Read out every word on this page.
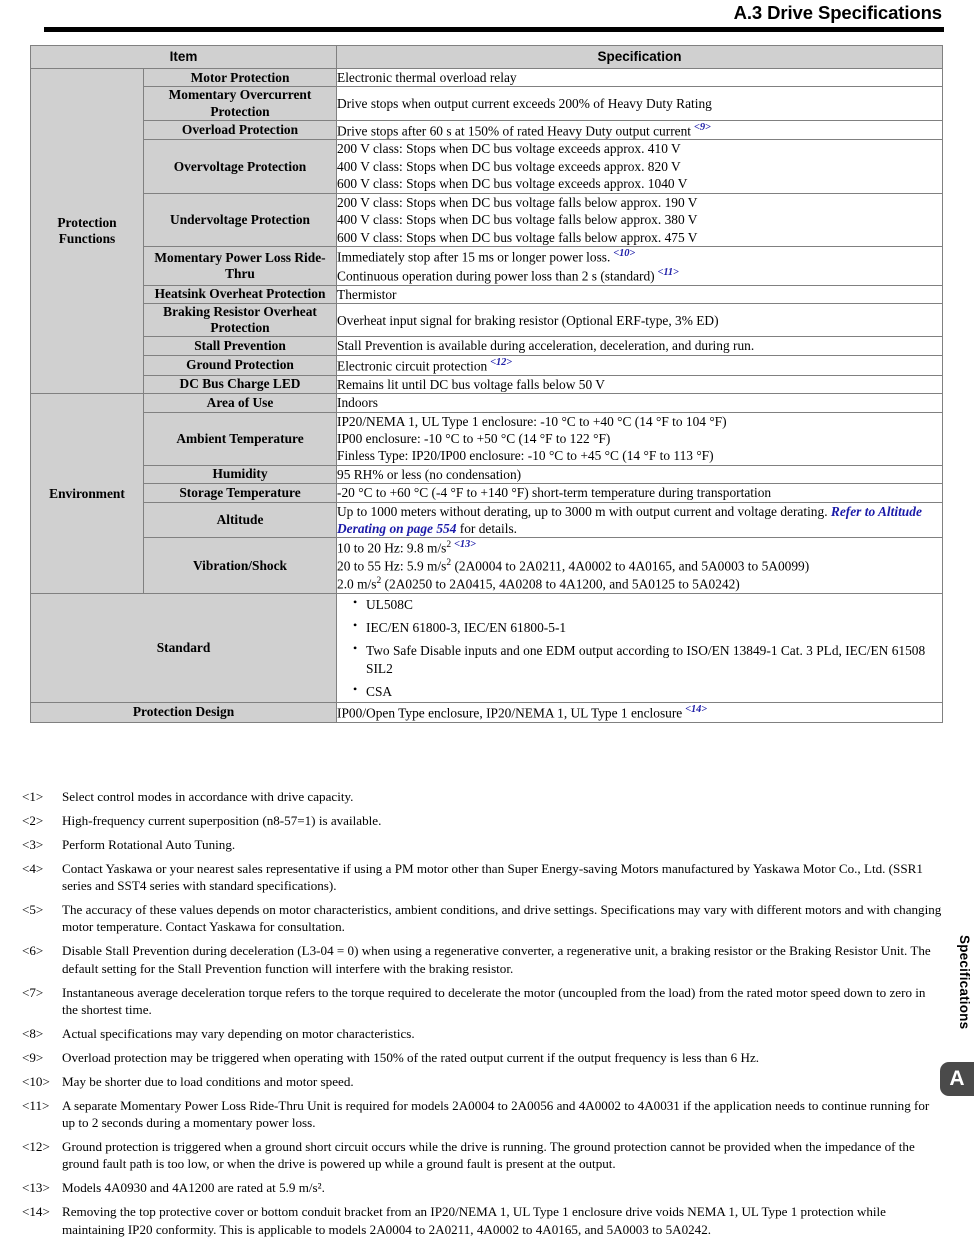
A.3 Drive Specifications
Item		Specification
Protection Functions	Motor Protection	Electronic thermal overload relay

	Momentary Overcurrent Protection	Drive stops when output current exceeds 200% of Heavy Duty Rating

	Overload Protection	Drive stops after 60 s at 150% of rated Heavy Duty output current $^{<9>}$

	Overvoltage Protection	200 V class: Stops when DC bus voltage exceeds approx. 410 V
400 V class: Stops when DC bus voltage exceeds approx. 820 V
600 V class: Stops when DC bus voltage exceeds approx. 1040 V

	Undervoltage Protection	200 V class: Stops when DC bus voltage falls below approx. 190 V
400 V class: Stops when DC bus voltage falls below approx. 380 V
600 V class: Stops when DC bus voltage falls below approx. 475 V

	Momentary Power Loss Ride-Thru	Immediately stop after 15 ms or longer power loss. $^{<10>}$
Continuous operation during power loss than 2 s (standard) $^{<11>}$

	Heatsink Overheat Protection	Thermistor

	Braking Resistor Overheat Protection	Overheat input signal for braking resistor (Optional ERF-type, 3% ED)

	Stall Prevention	Stall Prevention is available during acceleration, deceleration, and during run.

	Ground Protection	Electronic circuit protection $^{<12>}$

	DC Bus Charge LED	Remains lit until DC bus voltage falls below 50 V

Environment	Area of Use	Indoors

	Ambient Temperature	IP20/NEMA 1, UL Type 1 enclosure: -10 °C to +40 °C (14 °F to 104 °F)
IP00 enclosure: -10 °C to +50 °C (14 °F to 122 °F)
Finless Type: IP20/IP00 enclosure: -10 °C to +45 °C (14 °F to 113 °F)

	Humidity	95 RH% or less (no condensation)

	Storage Temperature	-20 °C to +60 °C (-4 °F to +140 °F) short-term temperature during transportation

	Altitude	Up to 1000 meters without derating, up to 3000 m with output current and voltage derating. Refer to Altitude Derating on page 554 for details.

	Vibration/Shock	10 to 20 Hz: 9.8 $m/s^2$ $^{<13>}$
20 to 55 Hz: 5.9 $m/s^2$ (2A0004 to 2A0211, 4A0002 to 4A0165, and 5A0003 to 5A0099)
2.0 $m/s^2$ (2A0250 to 2A0415, 4A0208 to 4A1200, and 5A0125 to 5A0242)

Standard	
• UL508C
• IEC/EN 61800-3, IEC/EN 61800-5-1
• Two Safe Disable inputs and one EDM output according to ISO/EN 13849-1 Cat. 3 PLd, IEC/EN 61508 SIL2
• CSA

Protection Design		IP00/Open Type enclosure, IP20/NEMA 1, UL Type 1 enclosure $^{<14>}$
<1>	Select control modes in accordance with drive capacity.
<2>	High-frequency current superposition (n8-57=1) is available.
<3>	Perform Rotational Auto Tuning.
<4>	Contact Yaskawa or your nearest sales representative if using a PM motor other than Super Energy-saving Motors manufactured by Yaskawa Motor Co., Ltd. (SSR1 series and SST4 series with standard specifications).
<5>	The accuracy of these values depends on motor characteristics, ambient conditions, and drive settings. Specifications may vary with different motors and with changing motor temperature. Contact Yaskawa for consultation.
<6>	Disable Stall Prevention during deceleration (L3-04 = 0) when using a regenerative converter, a regenerative unit, a braking resistor or the Braking Resistor Unit. The default setting for the Stall Prevention function will interfere with the braking resistor.
<7>	Instantaneous average deceleration torque refers to the torque required to decelerate the motor (uncoupled from the load) from the rated motor speed down to zero in the shortest time.
<8>	Actual specifications may vary depending on motor characteristics.
<9>	Overload protection may be triggered when operating with 150% of the rated output current if the output frequency is less than 6 Hz.
<10> May be shorter due to load conditions and motor speed.
<11> A separate Momentary Power Loss Ride-Thru Unit is required for models 2A0004 to 2A0056 and 4A0002 to 4A0031 if the application needs to continue running for up to 2 seconds during a momentary power loss.
<12> Ground protection is triggered when a ground short circuit occurs while the drive is running. The ground protection cannot be provided when the impedance of the ground fault path is too low, or when the drive is powered up while a ground fault is present at the output.
<13> Models 4A0930 and 4A1200 are rated at 5.9 m/s².
<14> Removing the top protective cover or bottom conduit bracket from an IP20/NEMA 1, UL Type 1 enclosure drive voids NEMA 1, UL Type 1 protection while maintaining IP20 conformity. This is applicable to models 2A0004 to 2A0211, 4A0002 to 4A0165, and 5A0003 to 5A0242.
Specifications
A
